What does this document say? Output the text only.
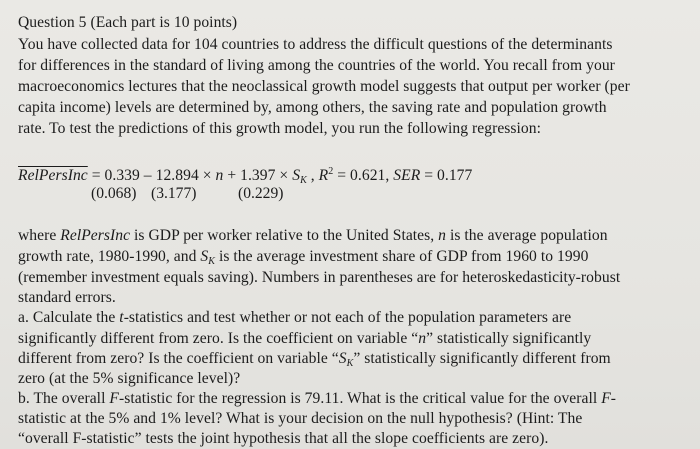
Question 5 (Each part is 10 points)
You have collected data for 104 countries to address the difficult questions of the determinants
for differences in the standard of living among the countries of the world. You recall from your
macroeconomics lectures that the neoclassical growth model suggests that output per worker (per
capita income) levels are determined by, among others, the saving rate and population growth
rate. To test the predictions of this growth model, you run the following regression:
RelPersInc = $0.339 - 12.894 \times n + 1.397 \times S_K$ , $R^2 = 0.621$, SER = 0.177
(0.068) (3.177)	(0.229)
where RelPersInc is GDP per worker relative to the United States, n is the average population
growth rate, 1980-1990, and $S_K$ is the average investment share of GDP from 1960 to 1990
(remember investment equals saving). Numbers in parentheses are for heteroskedasticity-robust
standard errors.
a. Calculate the t-statistics and test whether or not each of the population parameters are
significantly different from zero. Is the coefficient on variable “n” statistically significantly
different from zero? Is the coefficient on variable “$S_K$” statistically significantly different from
zero (at the 5% significance level)?
b. The overall F-statistic for the regression is 79.11. What is the critical value for the overall F-
statistic at the 5% and 1% level? What is your decision on the null hypothesis? (Hint: The
“overall F-statistic” tests the joint hypothesis that all the slope coefficients are zero).
